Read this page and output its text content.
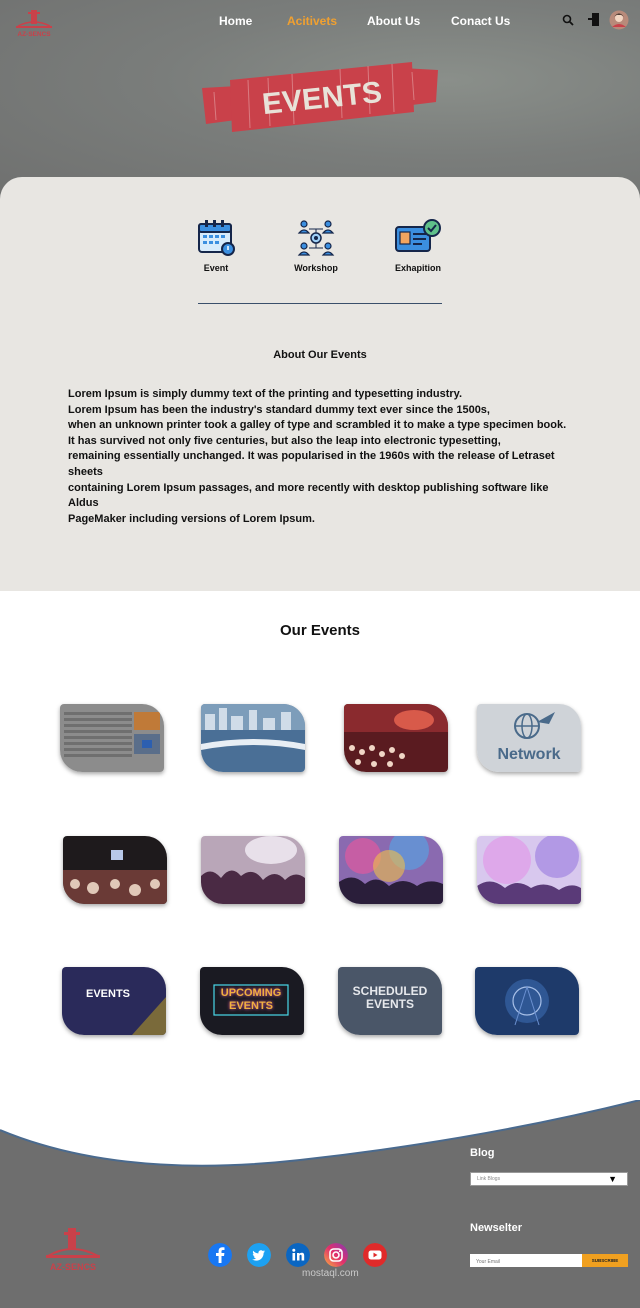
AZ-SENCS
Home	Acitivets About Us	Conact Us
EVENTS
Event	Workshop	Exhapition
About Our Events

Lorem Ipsum is simply dummy text of the printing and typesetting industry.
Lorem Ipsum has been the industry's standard dummy text ever since the 1500s,
when an unknown printer took a galley of type and scrambled it to make a type specimen book.
It has survived not only five centuries, but also the leap into electronic typesetting,
remaining essentially unchanged. It was popularised in the 1960s with the release of Letraset sheets
containing Lorem Ipsum passages, and more recently with desktop publishing software like Aldus
PageMaker including versions of Lorem Ipsum.

Our Events
Network
EVENTS	UPCOMING EVENTS
SCHEDULED EVENTS
Blog
Link Blogs	▼
Newselter
Your Email
SUBSCRIBE
AZ-SENCS
mostaql.com
